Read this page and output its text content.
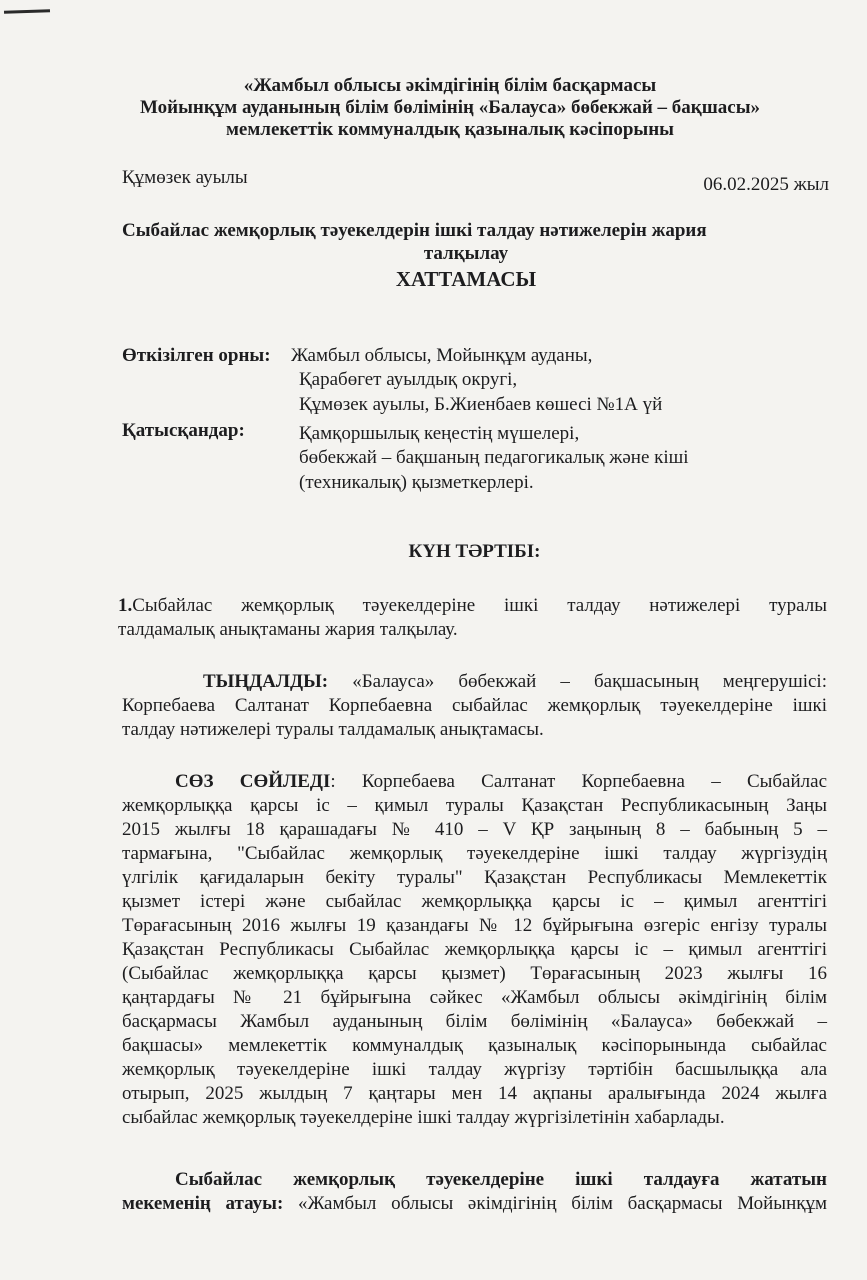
«Жамбыл облысы әкімдігінің білім басқармасы
Мойынқұм ауданының білім бөлімінің «Балауса» бөбекжай – бақшасы»
мемлекеттік коммуналдық қазыналық кәсіпорыны
Құмөзек ауылы	06.02.2025 жыл
Сыбайлас жемқорлық тәуекелдерін ішкі талдау нәтижелерін жария
талқылау
ХАТТАМАСЫ
Өткізілген орны: Жамбыл облысы, Мойынқұм ауданы,
Қарабөгет ауылдық округі,
Құмөзек ауылы, Б.Жиенбаев көшесі №1А үй
Қатысқандар:	Қамқоршылық кеңестің мүшелері,
бөбекжай – бақшаның педагогикалық және кіші
(техникалық) қызметкерлері.
КҮН ТӘРТІБІ:
1.Сыбайлас жемқорлық тәуекелдеріне ішкі талдау нәтижелері туралы
талдамалық анықтаманы жария талқылау.
ТЫҢДАЛДЫ: «Балауса» бөбекжай – бақшасының меңгерушісі:
Корпебаева Салтанат Корпебаевна сыбайлас жемқорлық тәуекелдеріне ішкі
талдау нәтижелері туралы талдамалық анықтамасы.
СӨЗ СӨЙЛЕДІ: Корпебаева Салтанат Корпебаевна – Сыбайлас
жемқорлыққа қарсы іс – қимыл туралы Қазақстан Республикасының Заңы
2015 жылғы 18 қарашадағы № 410 – V ҚР заңының 8 – бабының 5 –
тармағына, "Сыбайлас жемқорлық тәуекелдеріне ішкі талдау жүргізудің
үлгілік қағидаларын бекіту туралы" Қазақстан Республикасы Мемлекеттік
қызмет істері және сыбайлас жемқорлыққа қарсы іс – қимыл агенттігі
Төрағасының 2016 жылғы 19 қазандағы № 12 бұйрығына өзгеріс енгізу туралы
Қазақстан Республикасы Сыбайлас жемқорлыққа қарсы іс – қимыл агенттігі
(Сыбайлас жемқорлыққа қарсы қызмет) Төрағасының 2023 жылғы 16
қаңтардағы № 21 бұйрығына сәйкес «Жамбыл облысы әкімдігінің білім
басқармасы Жамбыл ауданының білім бөлімінің «Балауса» бөбекжай –
бақшасы» мемлекеттік коммуналдық қазыналық кәсіпорынында сыбайлас
жемқорлық тәуекелдеріне ішкі талдау жүргізу тәртібін басшылыққа ала
отырып, 2025 жылдың 7 қаңтары мен 14 ақпаны аралығында 2024 жылға
сыбайлас жемқорлық тәуекелдеріне ішкі талдау жүргізілетінін хабарлады.
Сыбайлас жемқорлық тәуекелдеріне ішкі талдауға жататын
мекеменің атауы: «Жамбыл облысы әкімдігінің білім басқармасы Мойынқұм
